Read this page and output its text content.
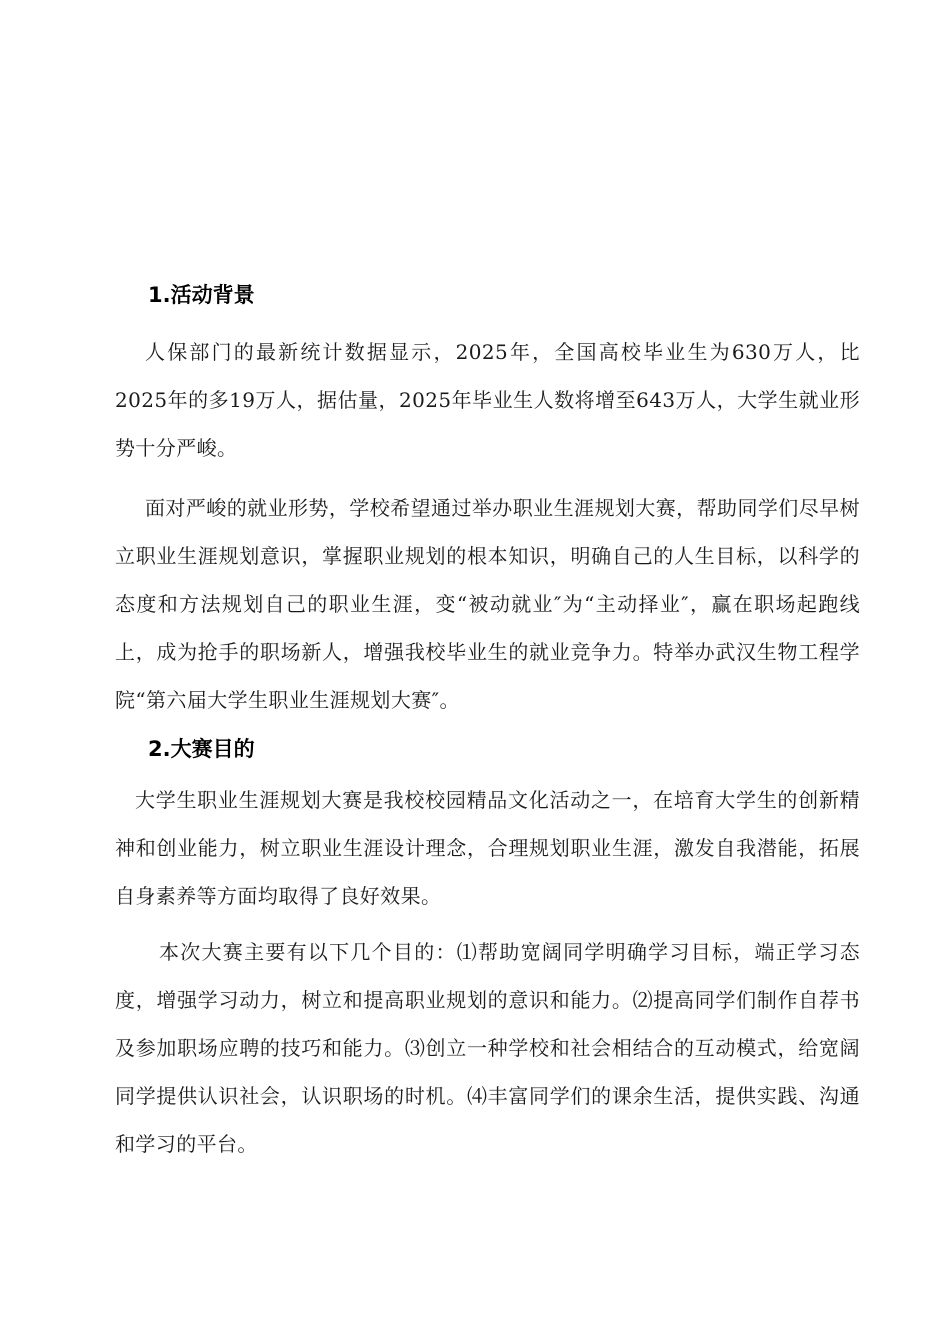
1.活动背景

人保部门的最新统计数据显示，2025年，全国高校毕业生为630万人，比2025年的多19万人，据估量，2025年毕业生人数将增至643万人，大学生就业形势十分严峻。

面对严峻的就业形势，学校希望通过举办职业生涯规划大赛，帮助同学们尽早树立职业生涯规划意识，掌握职业规划的根本知识，明确自己的人生目标，以科学的态度和方法规划自己的职业生涯，变“被动就业″为“主动择业″，赢在职场起跑线上，成为抢手的职场新人，增强我校毕业生的就业竞争力。特举办武汉生物工程学院“第六届大学生职业生涯规划大赛″。

2.大赛目的

大学生职业生涯规划大赛是我校校园精品文化活动之一，在培育大学生的创新精神和创业能力，树立职业生涯设计理念，合理规划职业生涯，激发自我潜能，拓展自身素养等方面均取得了良好效果。

本次大赛主要有以下几个目的：⑴帮助宽阔同学明确学习目标，端正学习态度，增强学习动力，树立和提高职业规划的意识和能力。⑵提高同学们制作自荐书及参加职场应聘的技巧和能力。⑶创立一种学校和社会相结合的互动模式，给宽阔同学提供认识社会，认识职场的时机。⑷丰富同学们的课余生活，提供实践、沟通和学习的平台。
